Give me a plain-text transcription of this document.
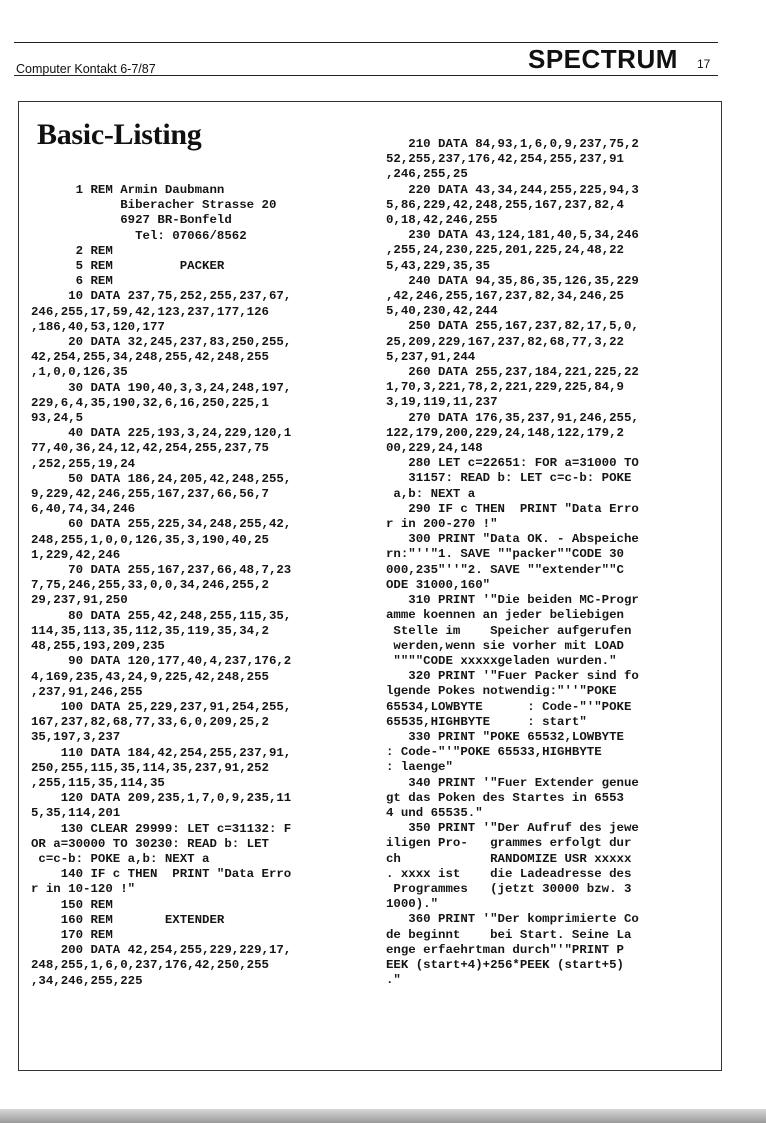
Computer Kontakt 6-7/87	SPECTRUM 17
Basic-Listing
1 REM Armin Daubmann
Biberacher Strasse 20
6927 BR-Bonfeld
Tel: 07066/8562
2 REM
5 REM         PACKER
6 REM
10 DATA 237,75,252,255,237,67,
246,255,17,59,42,123,237,177,126
,186,40,53,120,177
20 DATA 32,245,237,83,250,255,
42,254,255,34,248,255,42,248,255
,1,0,0,126,35
30 DATA 190,40,3,3,24,248,197,
229,6,4,35,190,32,6,16,250,225,1
93,24,5
40 DATA 225,193,3,24,229,120,1
77,40,36,24,12,42,254,255,237,75
,252,255,19,24
50 DATA 186,24,205,42,248,255,
9,229,42,246,255,167,237,66,56,7
6,40,74,34,246
60 DATA 255,225,34,248,255,42,
248,255,1,0,0,126,35,3,190,40,25
1,229,42,246
70 DATA 255,167,237,66,48,7,23
7,75,246,255,33,0,0,34,246,255,2
29,237,91,250
80 DATA 255,42,248,255,115,35,
114,35,113,35,112,35,119,35,34,2
48,255,193,209,235
90 DATA 120,177,40,4,237,176,2
4,169,235,43,24,9,225,42,248,255
,237,91,246,255
100 DATA 25,229,237,91,254,255,
167,237,82,68,77,33,6,0,209,25,2
35,197,3,237
110 DATA 184,42,254,255,237,91,
250,255,115,35,114,35,237,91,252
,255,115,35,114,35
120 DATA 209,235,1,7,0,9,235,11
5,35,114,201
130 CLEAR 29999: LET c=31132: F
OR a=30000 TO 30230: READ b: LET
c=c-b: POKE a,b: NEXT a
140 IF c THEN  PRINT "Data Erro
r in 10-120 !"
150 REM
160 REM       EXTENDER
170 REM
200 DATA 42,254,255,229,229,17,
248,255,1,6,0,237,176,42,250,255
,34,246,255,225
210 DATA 84,93,1,6,0,9,237,75,2
52,255,237,176,42,254,255,237,91
,246,255,25
220 DATA 43,34,244,255,225,94,3
5,86,229,42,248,255,167,237,82,4
0,18,42,246,255
230 DATA 43,124,181,40,5,34,246
,255,24,230,225,201,225,24,48,22
5,43,229,35,35
240 DATA 94,35,86,35,126,35,229
,42,246,255,167,237,82,34,246,25
5,40,230,42,244
250 DATA 255,167,237,82,17,5,0,
25,209,229,167,237,82,68,77,3,22
5,237,91,244
260 DATA 255,237,184,221,225,22
1,70,3,221,78,2,221,229,225,84,9
3,19,119,11,237
270 DATA 176,35,237,91,246,255,
122,179,200,229,24,148,122,179,2
00,229,24,148
280 LET c=22651: FOR a=31000 TO
31157: READ b: LET c=c-b: POKE
a,b: NEXT a
290 IF c THEN  PRINT "Data Erro
r in 200-270 !"
300 PRINT "Data OK. - Abspeiche
rn:"''"1. SAVE ""packer""CODE 30
000,235"''"2. SAVE ""extender""C
ODE 31000,160"
310 PRINT '"Die beiden MC-Progr
amme koennen an jeder beliebigen
Stelle im    Speicher aufgerufen
werden,wenn sie vorher mit LOAD
""""CODE xxxxxgeladen wurden."
320 PRINT '"Fuer Packer sind fo
lgende Pokes notwendig:"''"POKE
65534,LOWBYTE      : Code-"'"POKE
65535,HIGHBYTE     : start"
330 PRINT "POKE 65532,LOWBYTE
: Code-"'"POKE 65533,HIGHBYTE
: laenge"
340 PRINT '"Fuer Extender genue
gt das Poken des Startes in 6553
4 und 65535."
350 PRINT '"Der Aufruf des jewe
iligen Pro-   grammes erfolgt dur
ch            RANDOMIZE USR xxxxx
. xxxx ist    die Ladeadresse des
Programmes   (jetzt 30000 bzw. 3
1000)."
360 PRINT '"Der komprimierte Co
de beginnt    bei Start. Seine La
enge erfaehrtman durch"'"PRINT P
EEK (start+4)+256*PEEK (start+5)
."
